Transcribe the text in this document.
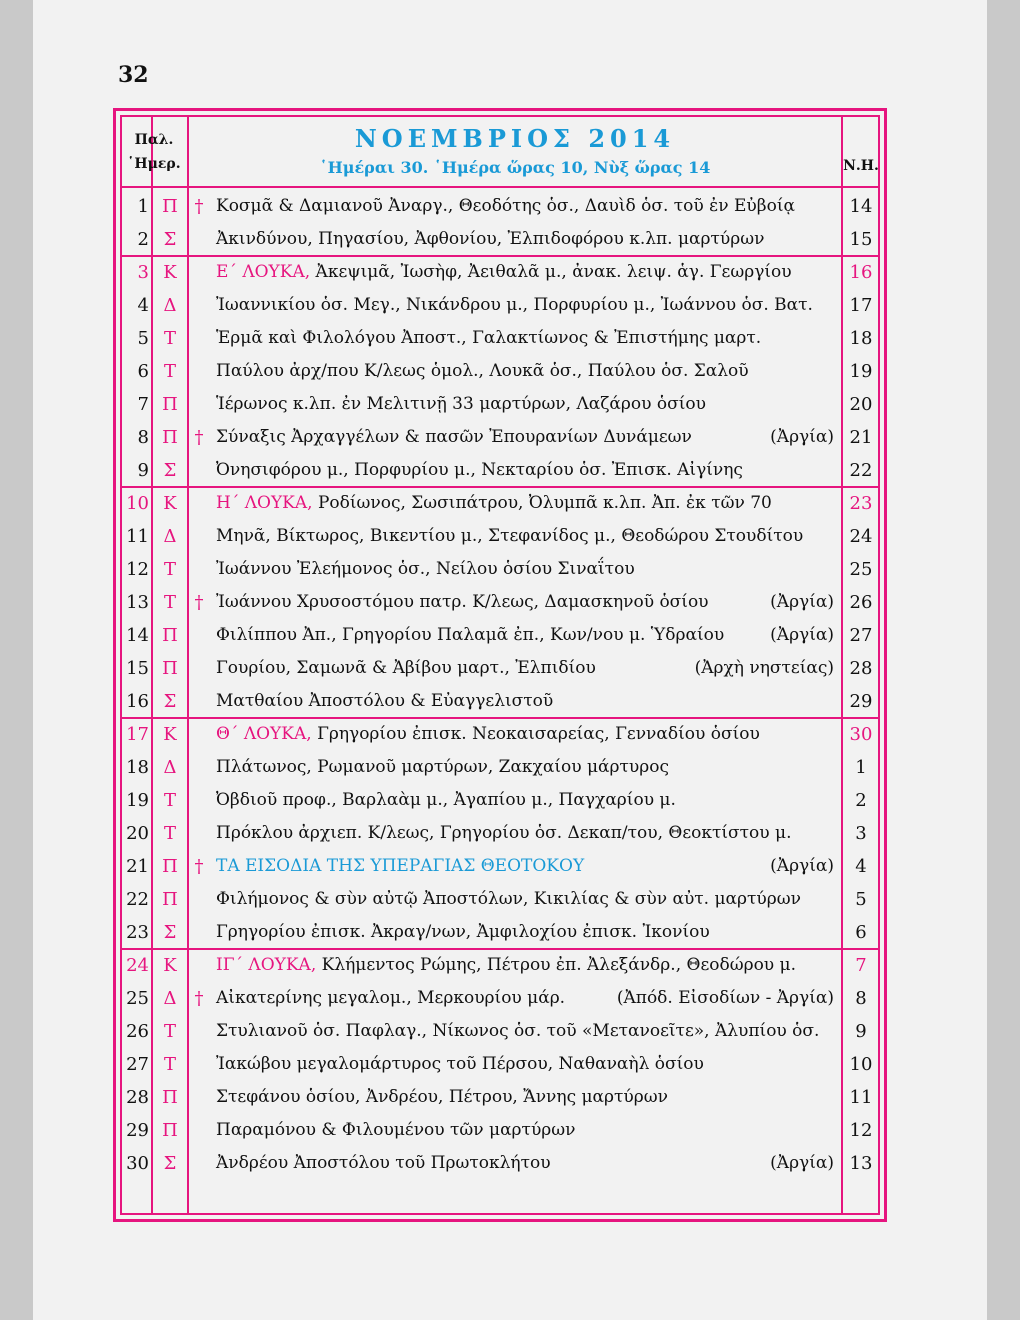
32
Παλ.
῾Ημερ.
ΝΟΕΜΒΡΙΟΣ 2014
῾Ημέραι 30. ῾Ημέρα ὥρας 10, Νὺξ ὥρας 14	Ν.Η.
1 Π † Κοσμᾶ & Δαμιανοῦ Ἀναργ., Θεοδότης ὁσ., Δαυὶδ ὁσ. τοῦ ἐν Εὐβοίᾳ	14
2 Σ	Ἀκινδύνου, Πηγασίου, Ἀφθονίου, Ἐλπιδοφόρου κ.λπ. μαρτύρων	15
3 Κ	Ε΄ ΛΟΥΚΑ, Ἀκεψιμᾶ, Ἰωσὴφ, Ἀειθαλᾶ μ., ἀνακ. λειψ. ἁγ. Γεωργίου	16
4 Δ	Ἰωαννικίου ὁσ. Μεγ., Νικάνδρου μ., Πορφυρίου μ., Ἰωάννου ὁσ. Βατ.	17
5 Τ	Ἑρμᾶ καὶ Φιλολόγου Ἀποστ., Γαλακτίωνος & Ἐπιστήμης μαρτ.	18
6 Τ	Παύλου ἀρχ/που Κ/λεως ὁμολ., Λουκᾶ ὁσ., Παύλου ὁσ. Σαλοῦ	19
7 Π	Ἱέρωνος κ.λπ. ἐν Μελιτινῇ 33 μαρτύρων, Λαζάρου ὁσίου	20
8 Π † Σύναξις Ἀρχαγγέλων & πασῶν Ἐπουρανίων Δυνάμεων	(Ἀργία) 21
9 Σ	Ὀνησιφόρου μ., Πορφυρίου μ., Νεκταρίου ὁσ. Ἐπισκ. Αἰγίνης	22
10 Κ	Η΄ ΛΟΥΚΑ, Ροδίωνος, Σωσιπάτρου, Ὀλυμπᾶ κ.λπ. Ἀπ. ἐκ τῶν 70	23
11 Δ	Μηνᾶ, Βίκτωρος, Βικεντίου μ., Στεφανίδος μ., Θεοδώρου Στουδίτου	24
12 Τ	Ἰωάννου Ἐλεήμονος ὁσ., Νείλου ὁσίου Σιναΐτου	25
13 Τ	† Ἰωάννου Χρυσοστόμου πατρ. Κ/λεως, Δαμασκηνοῦ ὁσίου	(Ἀργία) 26
14 Π	Φιλίππου Ἀπ., Γρηγορίου Παλαμᾶ ἐπ., Κων/νου μ. Ὑδραίου	(Ἀργία) 27
15 Π	Γουρίου, Σαμωνᾶ & Ἀβίβου μαρτ., Ἐλπιδίου	(Ἀρχὴ νηστείας) 28
16 Σ	Ματθαίου Ἀποστόλου & Εὐαγγελιστοῦ	29
17 Κ	Θ΄ ΛΟΥΚΑ, Γρηγορίου ἐπισκ. Νεοκαισαρείας, Γενναδίου ὁσίου	30
18 Δ	Πλάτωνος, Ρωμανοῦ μαρτύρων, Ζακχαίου μάρτυρος	1
19 Τ	Ὀβδιοῦ προφ., Βαρλαὰμ μ., Ἀγαπίου μ., Παγχαρίου μ.	2
20 Τ	Πρόκλου ἀρχιεπ. Κ/λεως, Γρηγορίου ὁσ. Δεκαπ/του, Θεοκτίστου μ.	3
21 Π † ΤΑ ΕΙΣΟΔΙΑ ΤΗΣ ΥΠΕΡΑΓΙΑΣ ΘΕΟΤΟΚΟΥ	(Ἀργία)	4
22 Π	Φιλήμονος & σὺν αὐτῷ Ἀποστόλων, Κικιλίας & σὺν αὐτ. μαρτύρων	5
23 Σ	Γρηγορίου ἐπισκ. Ἀκραγ/νων, Ἀμφιλοχίου ἐπισκ. Ἰκονίου	6
24 Κ	ΙΓ΄ ΛΟΥΚΑ, Κλήμεντος Ρώμης, Πέτρου ἐπ. Ἀλεξάνδρ., Θεοδώρου μ.	7
25 Δ	† Αἰκατερίνης μεγαλομ., Μερκουρίου μάρ.	(Ἀπόδ. Εἰσοδίων - Ἀργία)	8
26 Τ	Στυλιανοῦ ὁσ. Παφλαγ., Νίκωνος ὁσ. τοῦ «Μετανοεῖτε», Ἀλυπίου ὁσ.	9
27 Τ	Ἰακώβου μεγαλομάρτυρος τοῦ Πέρσου, Ναθαναὴλ ὁσίου	10
28 Π	Στεφάνου ὁσίου, Ἀνδρέου, Πέτρου, Ἄννης μαρτύρων	11
29 Π	Παραμόνου & Φιλουμένου τῶν μαρτύρων	12
30 Σ	Ἀνδρέου Ἀποστόλου τοῦ Πρωτοκλήτου	(Ἀργία) 13
